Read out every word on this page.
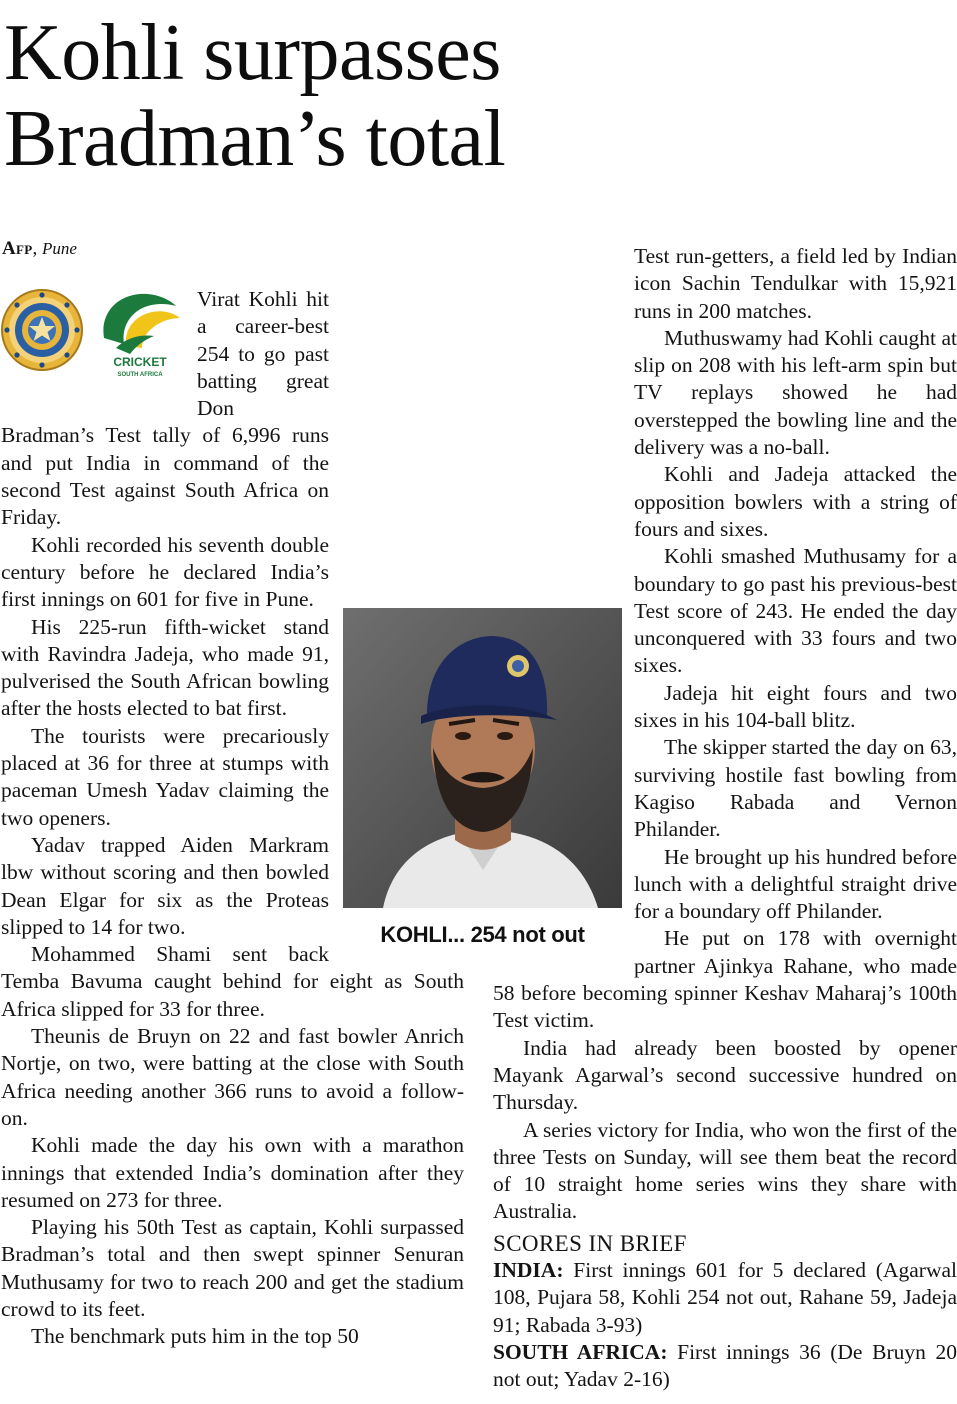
Kohli surpasses
Bradman’s total
Afp, Pune
CRICKET
SOUTH AFRICA

Virat Kohli hit a career-best 254 to go past batting great Don Bradman’s Test tally of 6,996 runs and put India in command of the second Test against South Africa on Friday.

Kohli recorded his seventh double century before he declared India’s first innings on 601 for five in Pune.

His 225-run fifth-wicket stand with Ravindra Jadeja, who made 91, pulverised the South African bowling after the hosts elected to bat first.

The tourists were precariously placed at 36 for three at stumps with paceman Umesh Yadav claiming the two openers.

Yadav trapped Aiden Markram lbw without scoring and then bowled Dean Elgar for six as the Proteas slipped to 14 for two.

Mohammed Shami sent back Temba Bavuma caught behind for eight as South Africa slipped for 33 for three.

Theunis de Bruyn on 22 and fast bowler Anrich Nortje, on two, were batting at the close with South Africa needing another 366 runs to avoid a follow-on.

Kohli made the day his own with a marathon innings that extended India’s domination after they resumed on 273 for three.

Playing his 50th Test as captain, Kohli surpassed Bradman’s total and then swept spinner Senuran Muthusamy for two to reach 200 and get the stadium crowd to its feet.

The benchmark puts him in the top 50

Test run-getters, a field led by Indian icon Sachin Tendulkar with 15,921 runs in 200 matches.

Muthuswamy had Kohli caught at slip on 208 with his left-arm spin but TV replays showed he had overstepped the bowling line and the delivery was a no-ball.

Kohli and Jadeja attacked the opposition bowlers with a string of fours and sixes.

Kohli smashed Muthusamy for a boundary to go past his previous-best Test score of 243. He ended the day unconquered with 33 fours and two sixes.

Jadeja hit eight fours and two sixes in his 104-ball blitz.

The skipper started the day on 63, surviving hostile fast bowling from Kagiso Rabada and Vernon Philander.

He brought up his hundred before lunch with a delightful straight drive for a boundary off Philander.

He put on 178 with overnight partner Ajinkya Rahane, who made 58 before becoming spinner Keshav Maharaj’s 100th Test victim.

India had already been boosted by opener Mayank Agarwal’s second successive hundred on Thursday.

A series victory for India, who won the first of the three Tests on Sunday, will see them beat the record of 10 straight home series wins they share with Australia.

SCORES IN BRIEF

INDIA: First innings 601 for 5 declared (Agarwal 108, Pujara 58, Kohli 254 not out, Rahane 59, Jadeja 91; Rabada 3-93)

SOUTH AFRICA: First innings 36 (De Bruyn 20 not out; Yadav 2-16)

KOHLI... 254 not out
